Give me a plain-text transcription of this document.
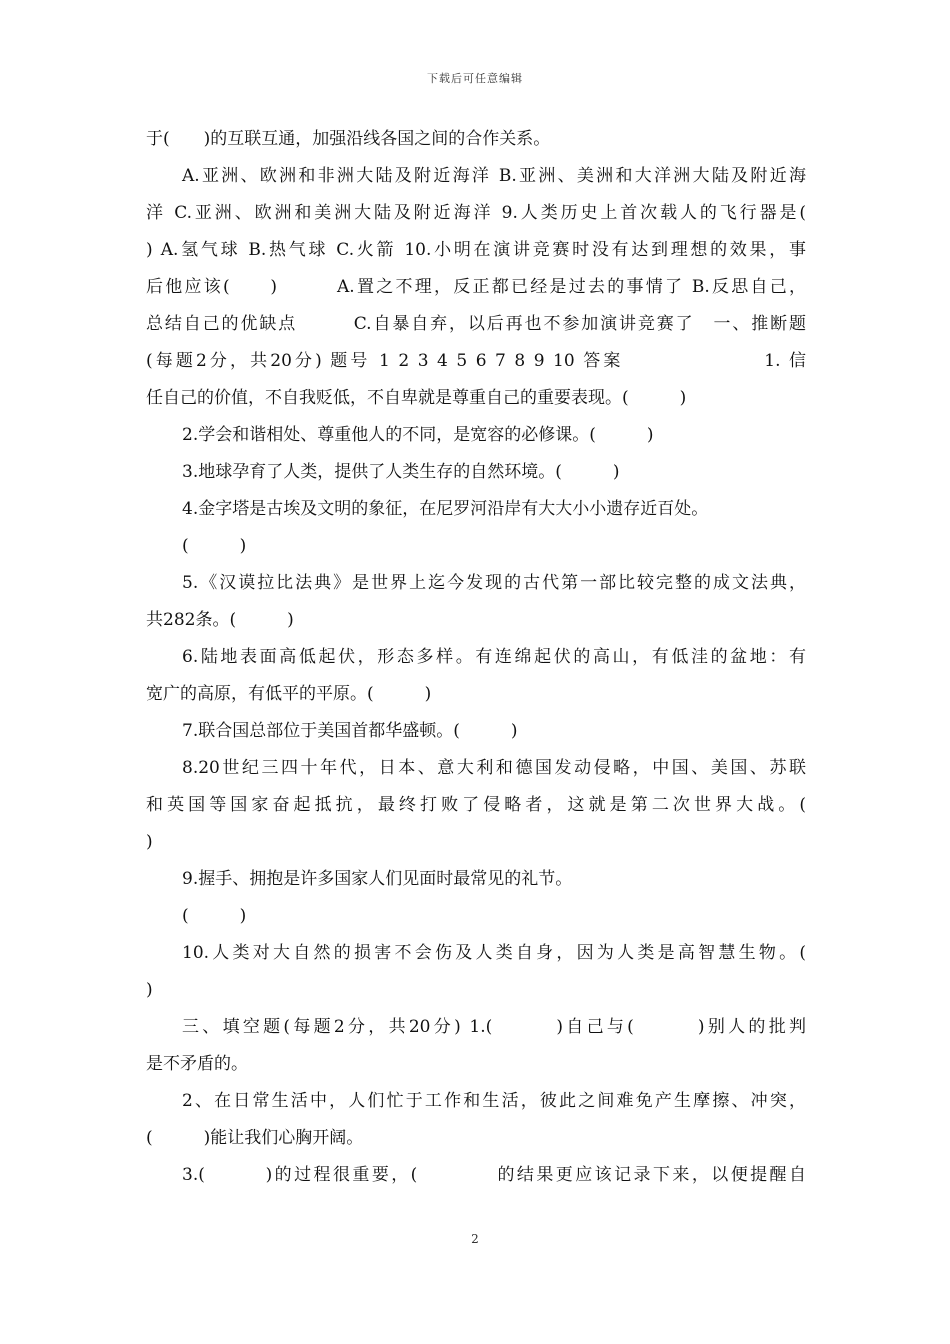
下载后可任意编辑
于(　　)的互联互通，加强沿线各国之间的合作关系。
A.亚洲、欧洲和非洲大陆及附近海洋 B.亚洲、美洲和大洋洲大陆及附近海
洋 C.亚洲、欧洲和美洲大陆及附近海洋 9.人类历史上首次载人的飞行器是(
) A.氢气球 B.热气球 C.火箭 10.小明在演讲竞赛时没有达到理想的效果，事
后他应该(　　)　　　A.置之不理，反正都已经是过去的事情了 B.反思自己，
总结自己的优缺点　　　C.自暴自弃，以后再也不参加演讲竞赛了　一、推断题
(每题2分，共20分) 题号 1 2 3 4 5 6 7 8 9 10 答案　　　　　　　1. 信
任自己的价值，不自我贬低，不自卑就是尊重自己的重要表现。(　　　)
2.学会和谐相处、尊重他人的不同，是宽容的必修课。(　　　)
3.地球孕育了人类，提供了人类生存的自然环境。(　　　)
4.金字塔是古埃及文明的象征，在尼罗河沿岸有大大小小遗存近百处。
(　　　)
5.《汉谟拉比法典》是世界上迄今发现的古代第一部比较完整的成文法典，
共282条。(　　　)
6.陆地表面高低起伏，形态多样。有连绵起伏的高山，有低洼的盆地：有
宽广的高原，有低平的平原。(　　　)
7.联合国总部位于美国首都华盛顿。(　　　)
8.20世纪三四十年代，日本、意大利和德国发动侵略，中国、美国、苏联
和英国等国家奋起抵抗，最终打败了侵略者，这就是第二次世界大战。(
)
9.握手、拥抱是许多国家人们见面时最常见的礼节。
(　　　)
10.人类对大自然的损害不会伤及人类自身，因为人类是高智慧生物。(
)
三、填空题(每题2分，共20分) 1.(　　　)自己与(　　　)别人的批判
是不矛盾的。
2、在日常生活中，人们忙于工作和生活，彼此之间难免产生摩擦、冲突，
(　　　)能让我们心胸开阔。
3.(　　　)的过程很重要，(　　　　的结果更应该记录下来，以便提醒自
2
